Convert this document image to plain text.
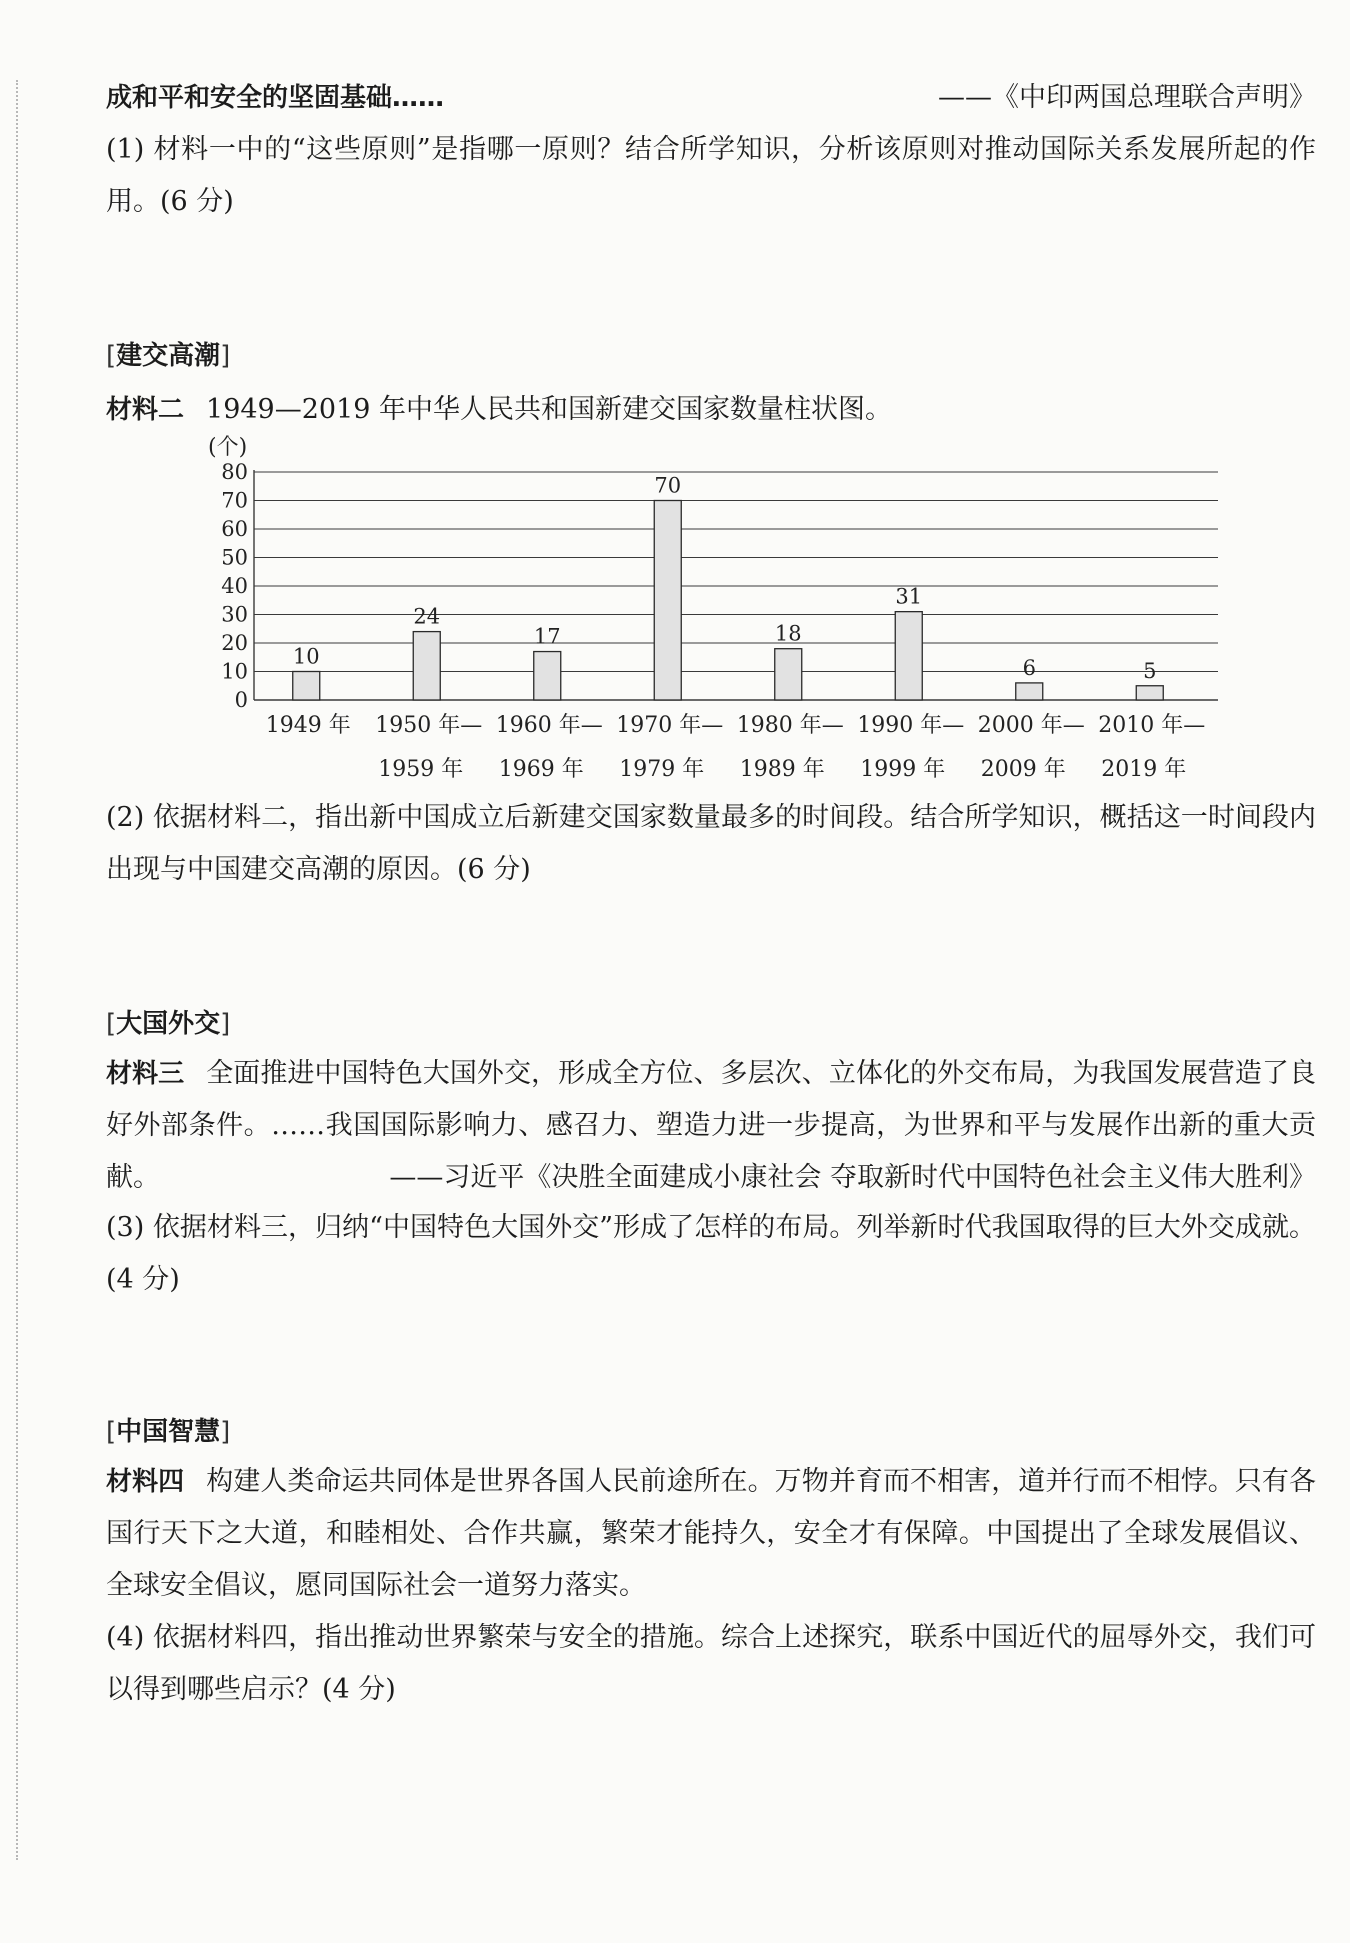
成和平和安全的坚固基础……	——《中印两国总理联合声明》

(1) 材料一中的“这些原则”是指哪一原则？结合所学知识，分析该原则对推动国际关系发展所起的作用。(6 分)

[建交高潮]

材料二 1949—2019 年中华人民共和国新建交国家数量柱状图。

(个)
0
10
20
30
40
50
60
70
80
10
1949 年
24
1950 年—
1959 年
17
1960 年—
1969 年
70
1970 年—
1979 年
18
1980 年—
1989 年
31
1990 年—
1999 年
6
2000 年—
2009 年
5
2010 年—
2019 年

(2) 依据材料二，指出新中国成立后新建交国家数量最多的时间段。结合所学知识，概括这一时间段内出现与中国建交高潮的原因。(6 分)

[大国外交]

材料三 全面推进中国特色大国外交，形成全方位、多层次、立体化的外交布局，为我国发展营造了良好外部条件。……我国国际影响力、感召力、塑造力进一步提高，为世界和平与发展作出新的重大贡献。	——习近平《决胜全面建成小康社会 夺取新时代中国特色社会主义伟大胜利》

(3) 依据材料三，归纳“中国特色大国外交”形成了怎样的布局。列举新时代我国取得的巨大外交成就。(4 分)

[中国智慧]

材料四 构建人类命运共同体是世界各国人民前途所在。万物并育而不相害，道并行而不相悖。只有各国行天下之大道，和睦相处、合作共赢，繁荣才能持久，安全才有保障。中国提出了全球发展倡议、全球安全倡议，愿同国际社会一道努力落实。

(4) 依据材料四，指出推动世界繁荣与安全的措施。综合上述探究，联系中国近代的屈辱外交，我们可以得到哪些启示？(4 分)
